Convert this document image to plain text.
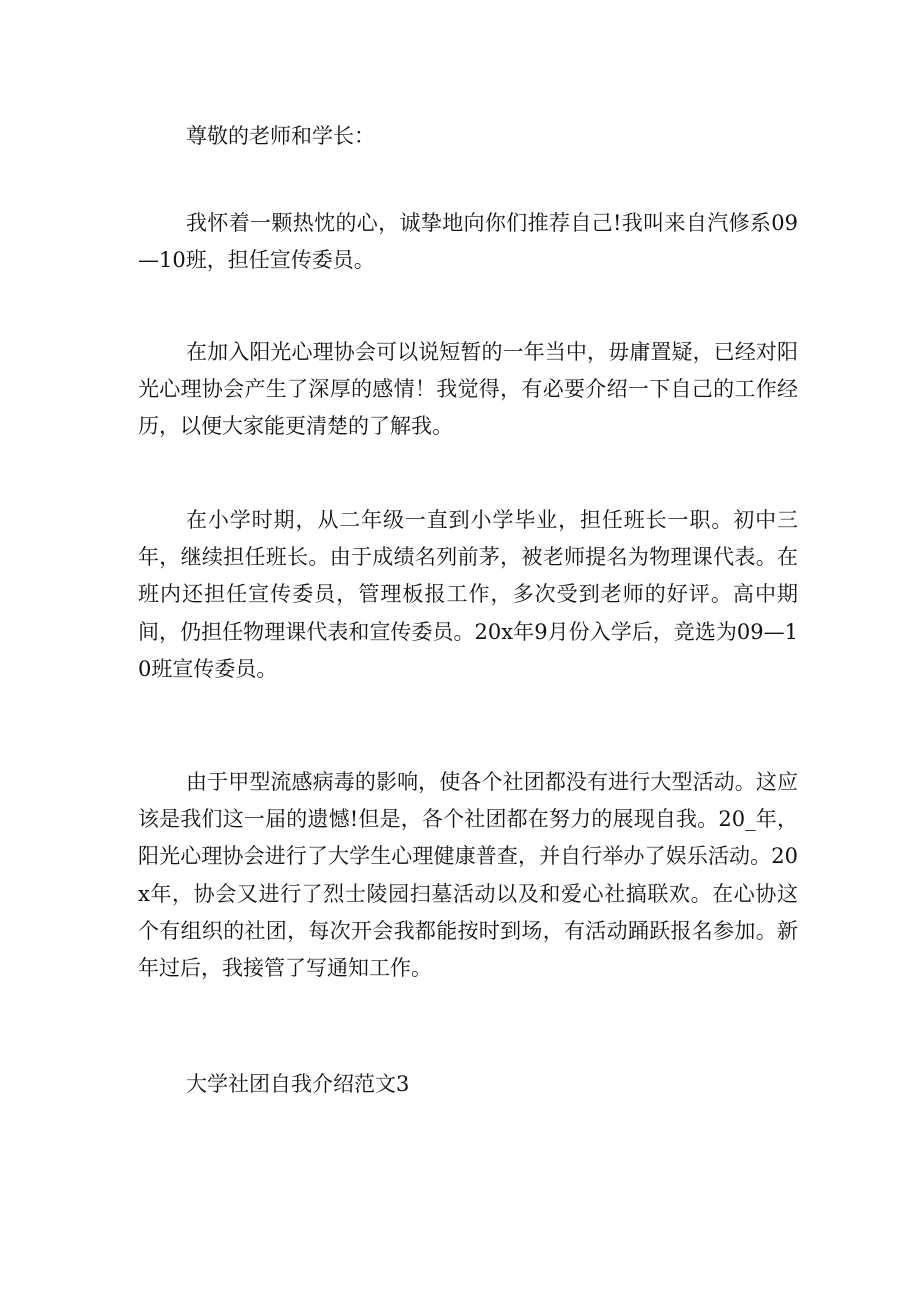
尊敬的老师和学长：

我怀着一颗热忱的心，诚挚地向你们推荐自己!我叫来自汽修系09—10班，担任宣传委员。

在加入阳光心理协会可以说短暂的一年当中，毋庸置疑，已经对阳光心理协会产生了深厚的感情！我觉得，有必要介绍一下自己的工作经历，以便大家能更清楚的了解我。

在小学时期，从二年级一直到小学毕业，担任班长一职。初中三年，继续担任班长。由于成绩名列前茅，被老师提名为物理课代表。在班内还担任宣传委员，管理板报工作，多次受到老师的好评。高中期间，仍担任物理课代表和宣传委员。20x年9月份入学后，竞选为09—10班宣传委员。

由于甲型流感病毒的影响，使各个社团都没有进行大型活动。这应该是我们这一届的遗憾!但是，各个社团都在努力的展现自我。20_年，阳光心理协会进行了大学生心理健康普查，并自行举办了娱乐活动。20x年，协会又进行了烈士陵园扫墓活动以及和爱心社搞联欢。在心协这个有组织的社团，每次开会我都能按时到场，有活动踊跃报名参加。新年过后，我接管了写通知工作。

大学社团自我介绍范文3
